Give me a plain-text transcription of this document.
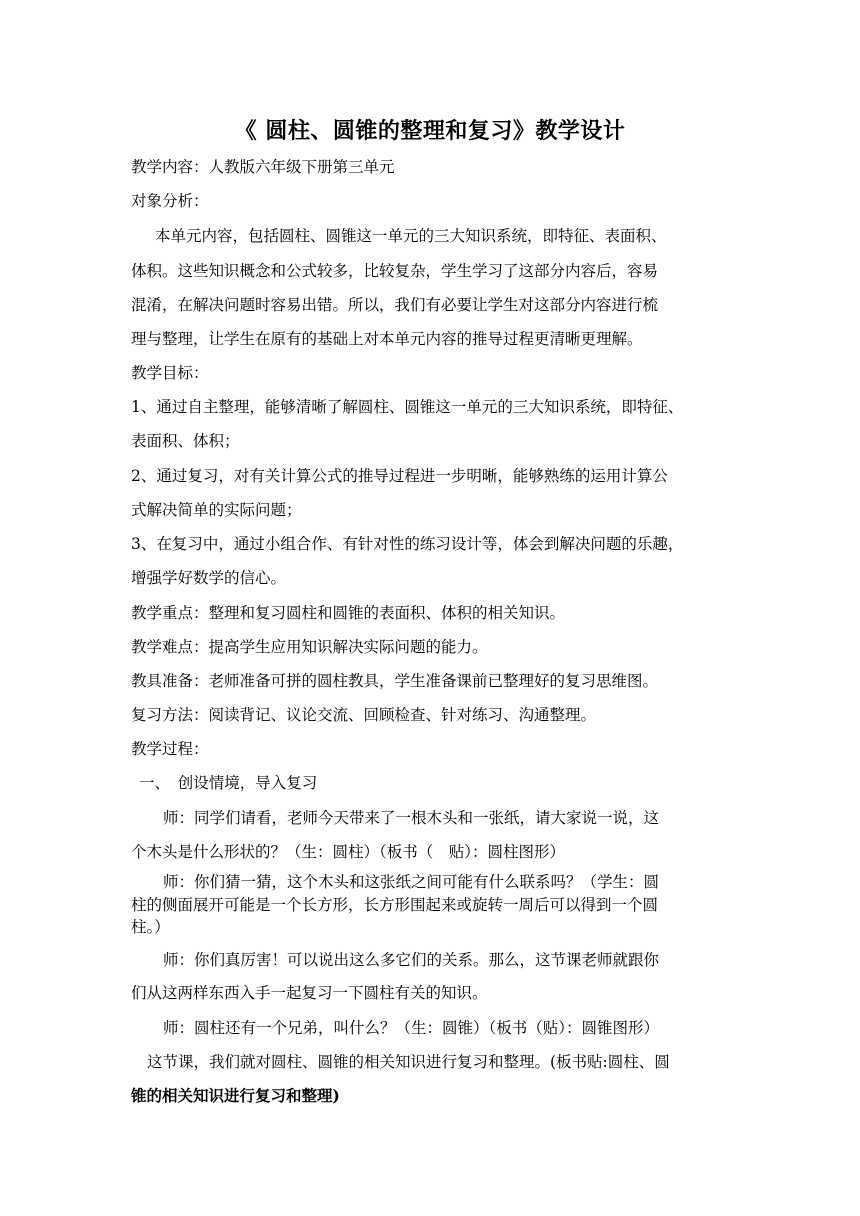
《 圆柱、圆锥的整理和复习》教学设计
教学内容：人教版六年级下册第三单元
对象分析：
本单元内容，包括圆柱、圆锥这一单元的三大知识系统，即特征、表面积、
体积。这些知识概念和公式较多，比较复杂，学生学习了这部分内容后，容易
混淆，在解决问题时容易出错。所以，我们有必要让学生对这部分内容进行梳
理与整理，让学生在原有的基础上对本单元内容的推导过程更清晰更理解。
教学目标：
1、通过自主整理，能够清晰了解圆柱、圆锥这一单元的三大知识系统，即特征、
表面积、体积；
2、通过复习，对有关计算公式的推导过程进一步明晰，能够熟练的运用计算公
式解决简单的实际问题；
3、在复习中，通过小组合作、有针对性的练习设计等，体会到解决问题的乐趣，
增强学好数学的信心。
教学重点：整理和复习圆柱和圆锥的表面积、体积的相关知识。
教学难点：提高学生应用知识解决实际问题的能力。
教具准备：老师准备可拼的圆柱教具，学生准备课前已整理好的复习思维图。
复习方法：阅读背记、议论交流、回顾检查、针对练习、沟通整理。
教学过程：
一、　创设情境，导入复习
师：同学们请看，老师今天带来了一根木头和一张纸，请大家说一说，这
个木头是什么形状的？（生：圆柱）（板书（　贴）：圆柱图形）
师：你们猜一猜，这个木头和这张纸之间可能有什么联系吗？（学生：圆
柱的侧面展开可能是一个长方形，长方形围起来或旋转一周后可以得到一个圆
柱。）
师：你们真厉害！可以说出这么多它们的关系。那么，这节课老师就跟你
们从这两样东西入手一起复习一下圆柱有关的知识。
师：圆柱还有一个兄弟，叫什么？（生：圆锥）（板书（贴）：圆锥图形）
这节课，我们就对圆柱、圆锥的相关知识进行复习和整理。(板书贴:圆柱、圆
锥的相关知识进行复习和整理)
